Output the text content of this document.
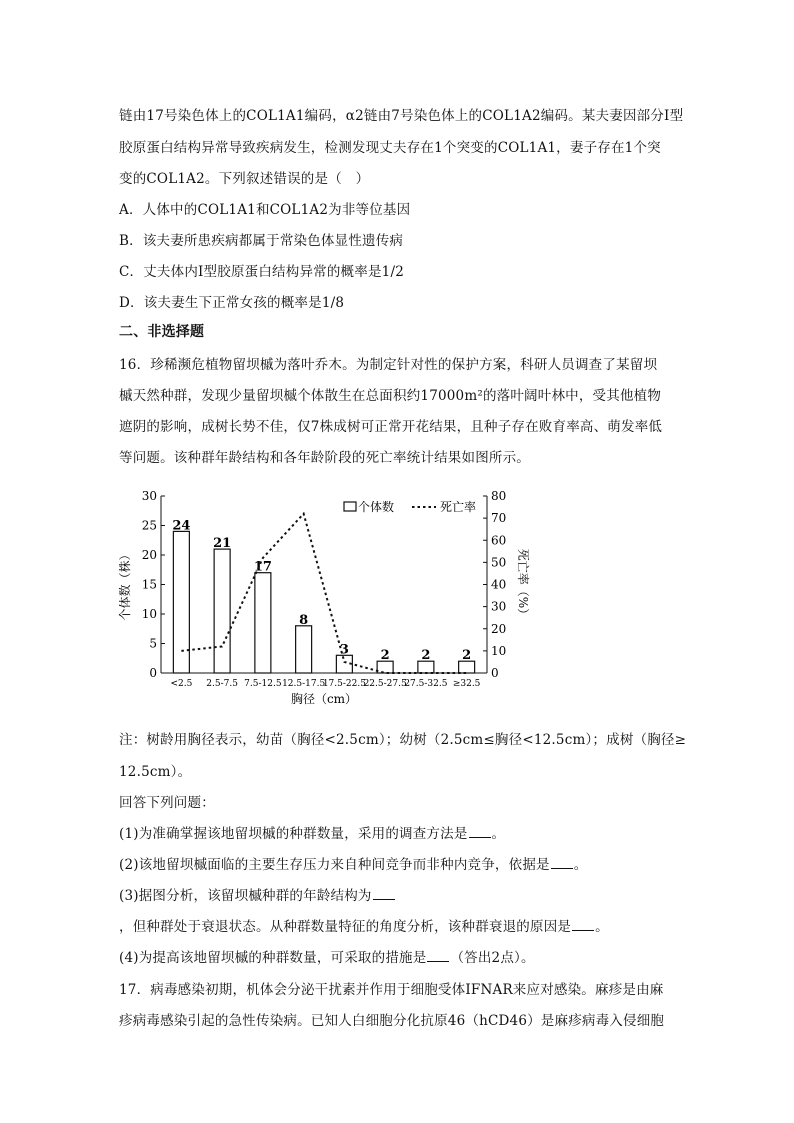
链由17号染色体上的COL1A1编码，α2链由7号染色体上的COL1A2编码。某夫妻因部分Ⅰ型
胶原蛋白结构异常导致疾病发生，检测发现丈夫存在1个突变的COL1A1，妻子存在1个突
变的COL1A2。下列叙述错误的是（　）
A．人体中的COL1A1和COL1A2为非等位基因
B．该夫妻所患疾病都属于常染色体显性遗传病
C．丈夫体内Ⅰ型胶原蛋白结构异常的概率是1/2
D．该夫妻生下正常女孩的概率是1/8
二、非选择题
16．珍稀濒危植物留坝槭为落叶乔木。为制定针对性的保护方案，科研人员调查了某留坝
槭天然种群，发现少量留坝槭个体散生在总面积约17000m²的落叶阔叶林中，受其他植物
遮阴的影响，成树长势不佳，仅7株成树可正常开花结果，且种子存在败育率高、萌发率低
等问题。该种群年龄结构和各年龄阶段的死亡率统计结果如图所示。
0
5
10
15
20
25
30
0
10
20
30
40
50
60
70
80
24
21
17
8
3 2 2 2
<2.5 2.5-7.5 7.5-12.5 12.5-17.5
17.5-22.5
22.5-27.5
27.5-32.5 ≥32.5
个体数（株）	死亡率（%）
胸径（cm）
个体数	死亡率
注：树龄用胸径表示，幼苗（胸径<2.5cm）；幼树（2.5cm≤胸径<12.5cm）；成树（胸径≥
12.5cm）。
回答下列问题：
(1)为准确掌握该地留坝槭的种群数量，采用的调查方法是 。
(2)该地留坝槭面临的主要生存压力来自种间竞争而非种内竞争，依据是 。
(3)据图分析，该留坝槭种群的年龄结构为
，但种群处于衰退状态。从种群数量特征的角度分析，该种群衰退的原因是 。
(4)为提高该地留坝槭的种群数量，可采取的措施是 （答出2点）。
17．病毒感染初期，机体会分泌干扰素并作用于细胞受体IFNAR来应对感染。麻疹是由麻
疹病毒感染引起的急性传染病。已知人白细胞分化抗原46（hCD46）是麻疹病毒入侵细胞
